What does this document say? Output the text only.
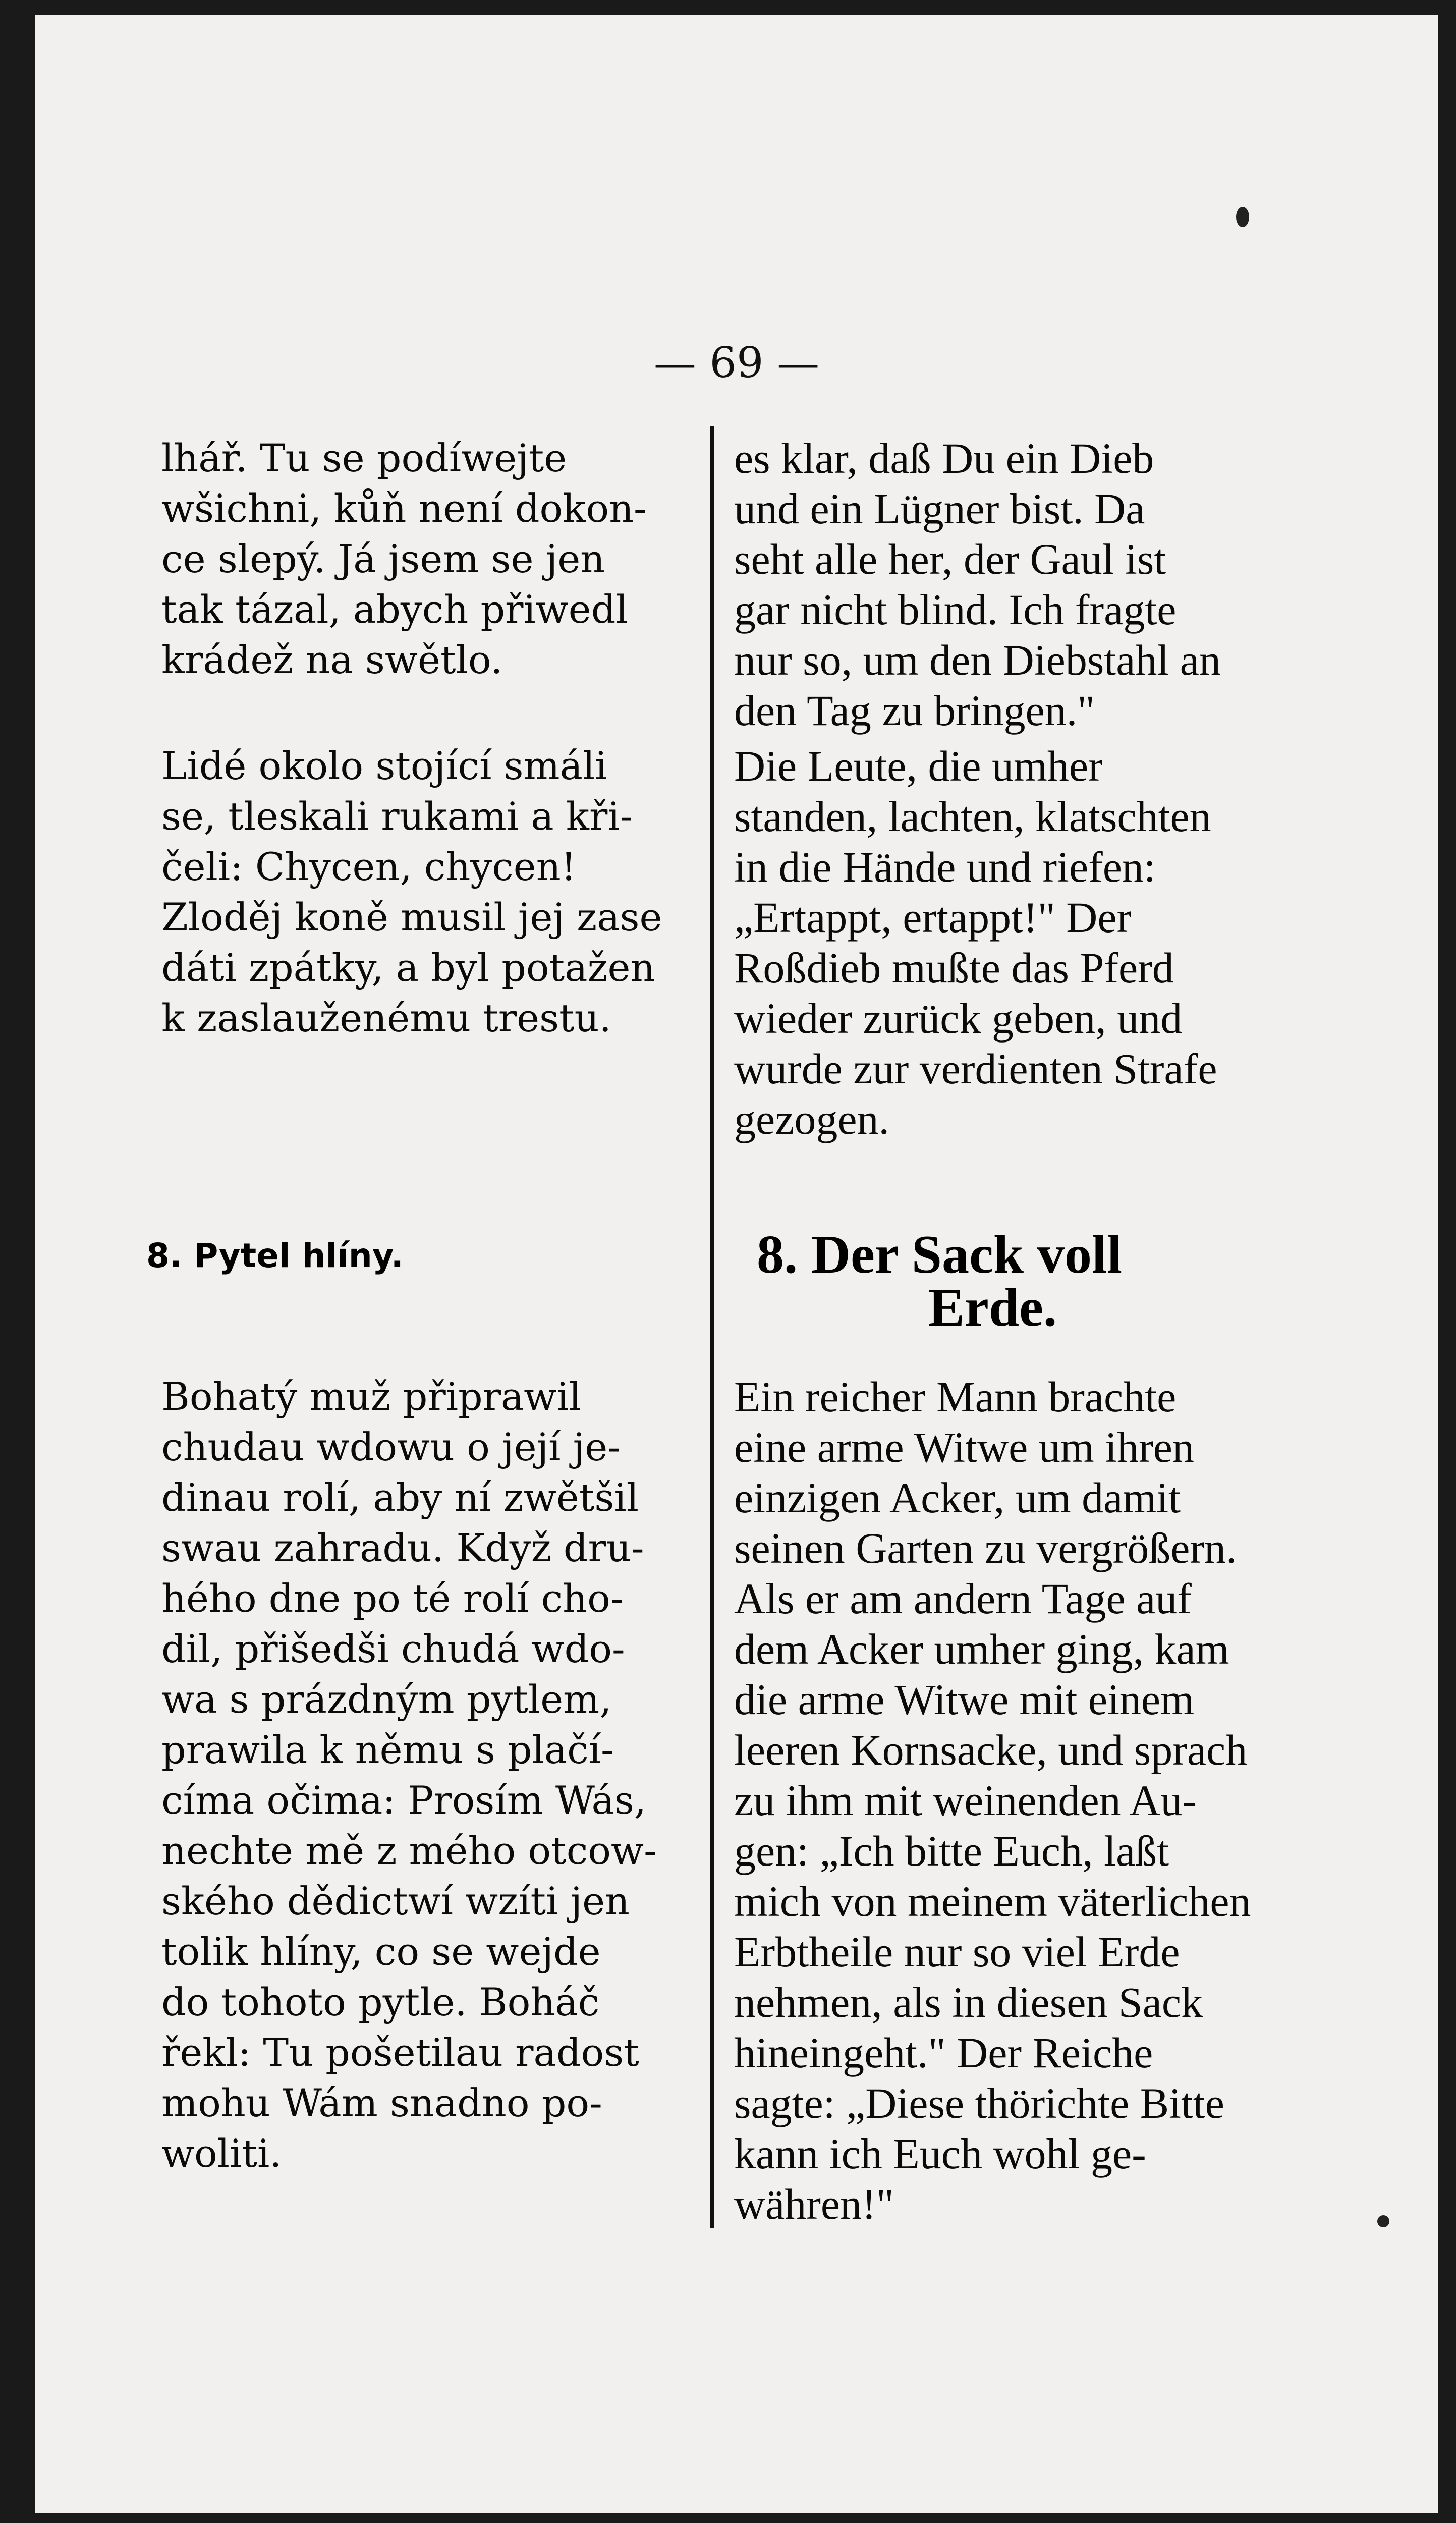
— 69 —
lhář. Tu se podíwejte
wšichni, kůň není dokon-
ce slepý. Já jsem se jen
tak tázal, abych přiwedl
krádež na swětlo.
Lidé okolo stojící smáli
se, tleskali rukami a kři-
čeli: Chycen, chycen!
Zloděj koně musil jej zase
dáti zpátky, a byl potažen
k zaslauženému trestu.
Bohatý muž připrawil
chudau wdowu o její je-
dinau rolí, aby ní zwětšil
swau zahradu. Když dru-
hého dne po té rolí cho-
dil, přišedši chudá wdo-
wa s prázdným pytlem,
prawila k němu s plačí-
címa očima: Prosím Wás,
nechte mě z mého otcow-
ského dědictwí wzíti jen
tolik hlíny, co se wejde
do tohoto pytle. Boháč
řekl: Tu pošetilau radost
mohu Wám snadno po-
woliti.
es klar, daß Du ein Dieb
und ein Lügner bist. Da
seht alle her, der Gaul ist
gar nicht blind. Ich fragte
nur so, um den Diebstahl an
den Tag zu bringen."
Die Leute, die umher
standen, lachten, klatschten
in die Hände und riefen:
„Ertappt, ertappt!" Der
Roßdieb mußte das Pferd
wieder zurück geben, und
wurde zur verdienten Strafe
gezogen.
Ein reicher Mann brachte
eine arme Witwe um ihren
einzigen Acker, um damit
seinen Garten zu vergrößern.
Als er am andern Tage auf
dem Acker umher ging, kam
die arme Witwe mit einem
leeren Kornsacke, und sprach
zu ihm mit weinenden Au-
gen: „Ich bitte Euch, laßt
mich von meinem väterlichen
Erbtheile nur so viel Erde
nehmen, als in diesen Sack
hineingeht." Der Reiche
sagte: „Diese thörichte Bitte
kann ich Euch wohl ge-
währen!"
8. Pytel hlíny.	8. Der Sack voll
Erde.
